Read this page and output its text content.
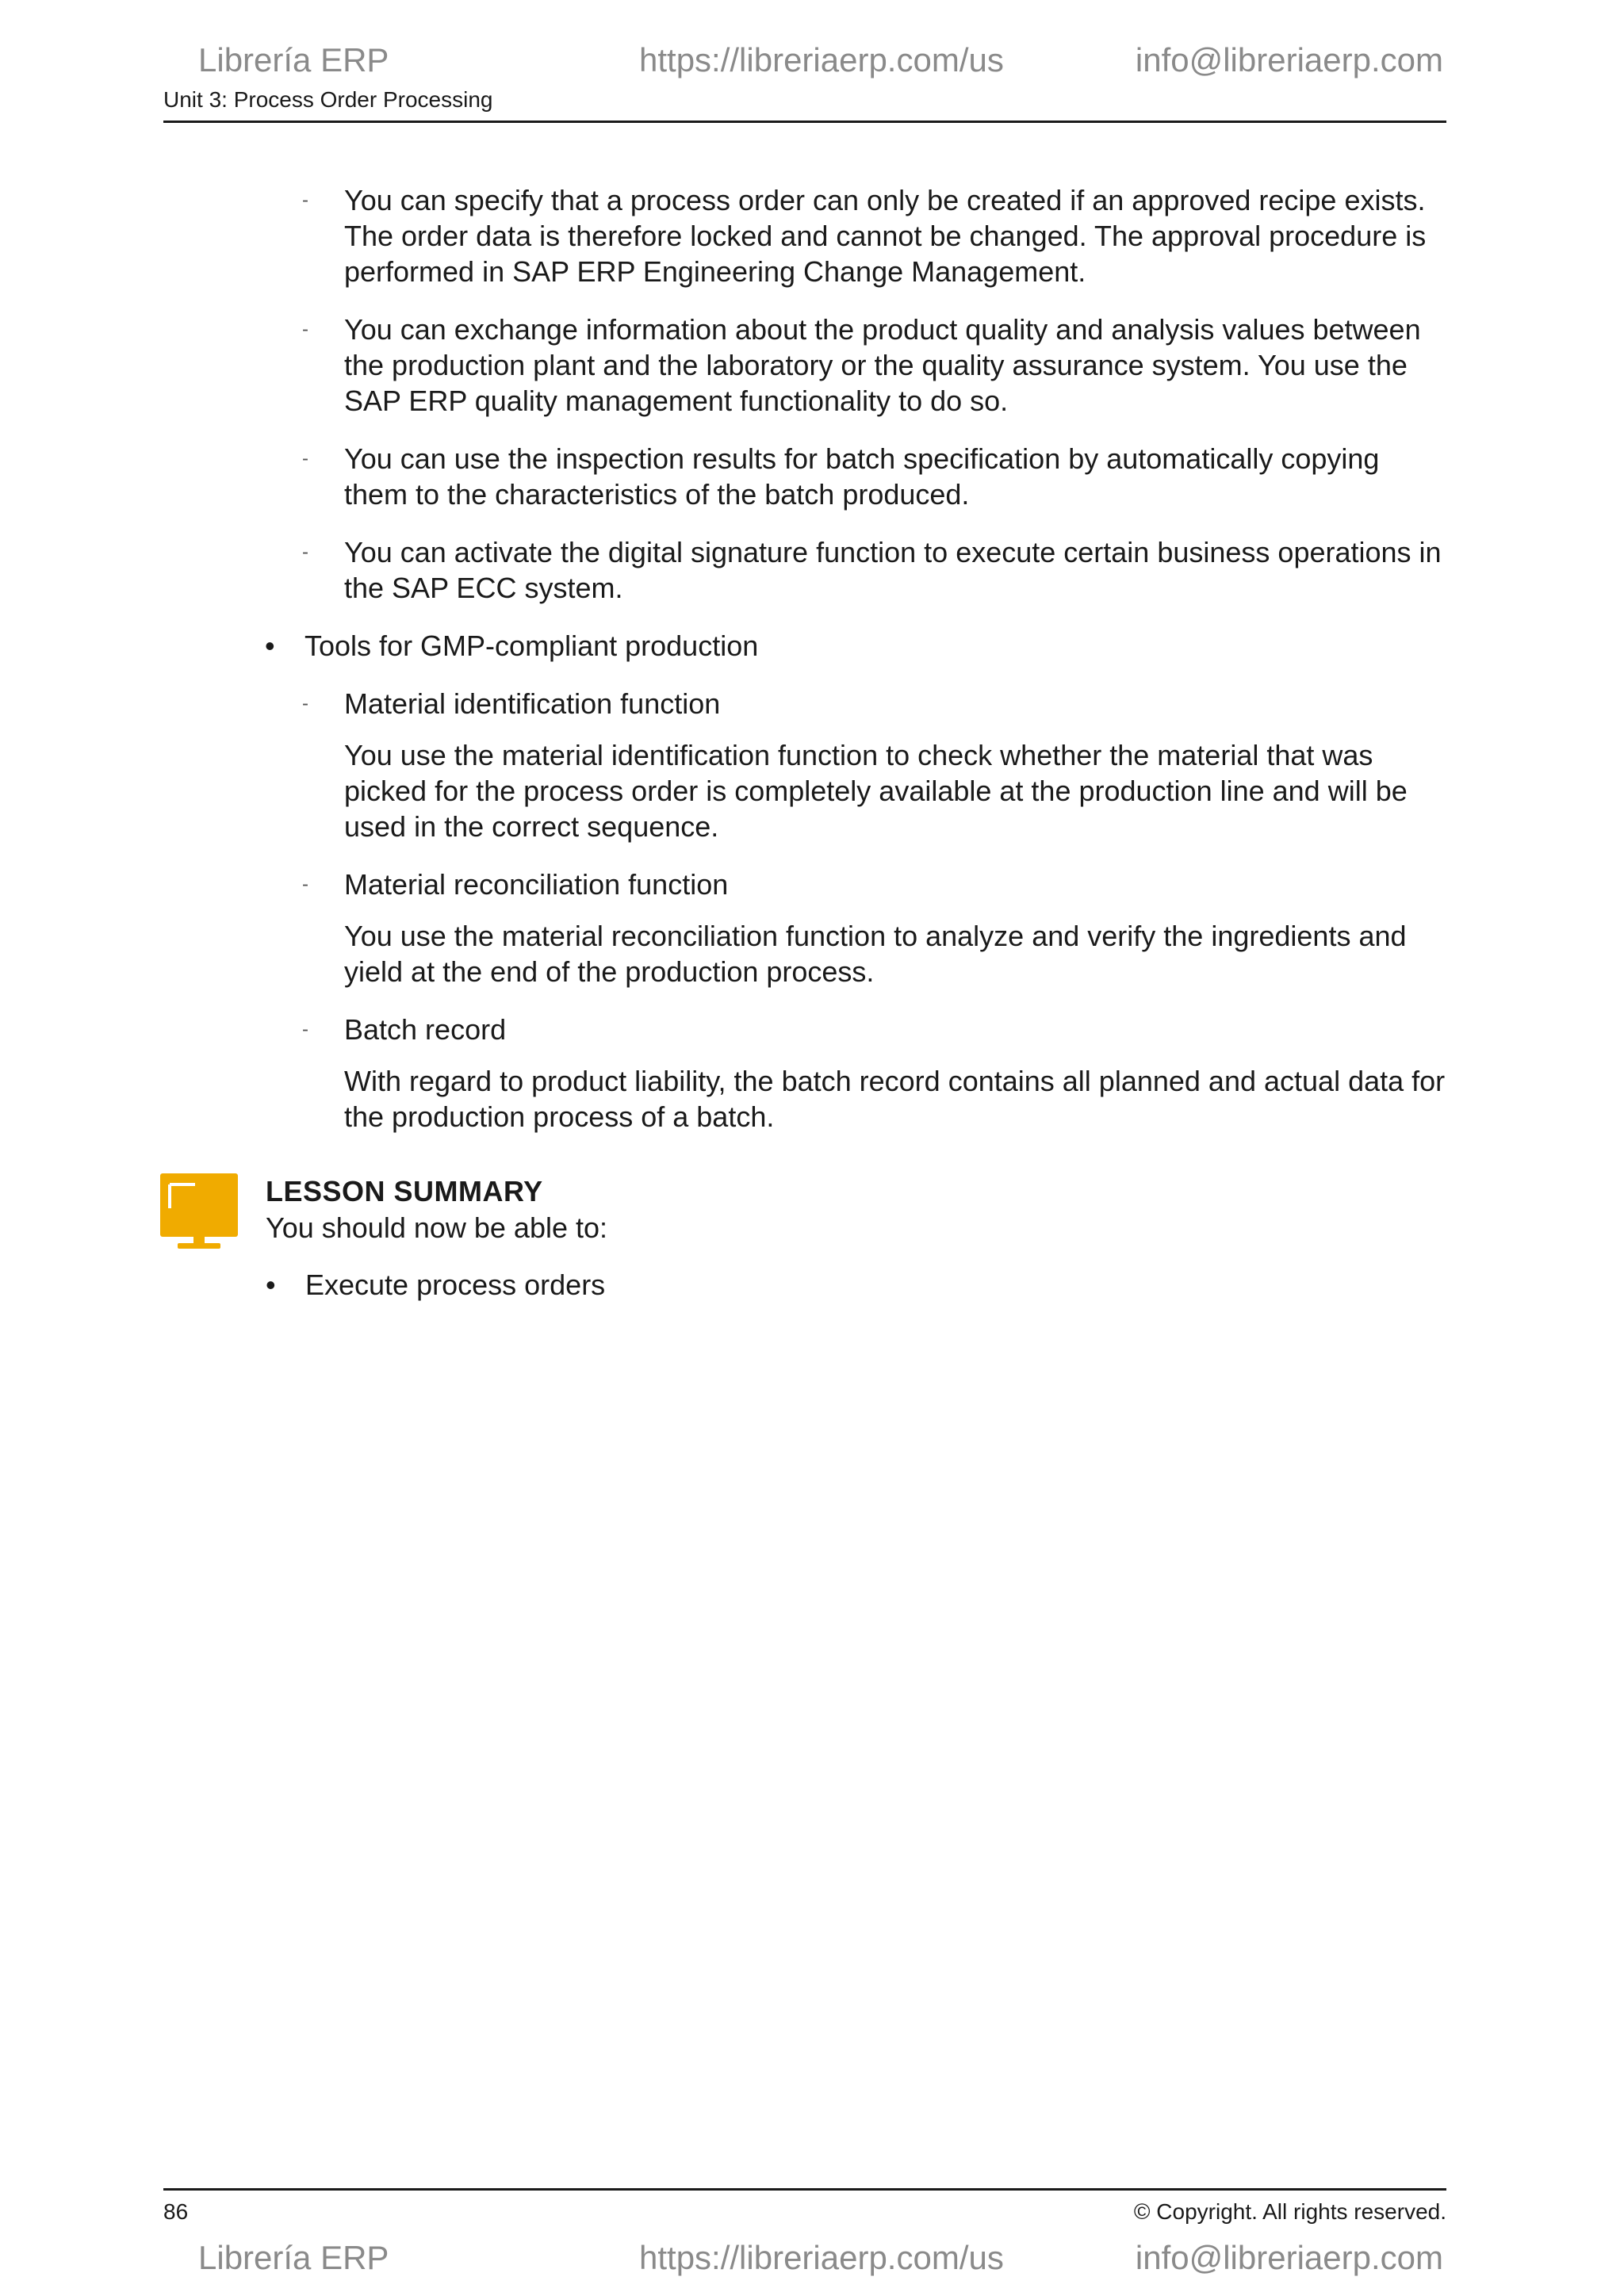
Librería ERP	https://libreriaerp.com/us	info@libreriaerp.com
Unit 3: Process Order Processing
- You can specify that a process order can only be created if an approved recipe exists. The order data is therefore locked and cannot be changed. The approval procedure is performed in SAP ERP Engineering Change Management.

- You can exchange information about the product quality and analysis values between the production plant and the laboratory or the quality assurance system. You use the SAP ERP quality management functionality to do so.

- You can use the inspection results for batch specification by automatically copying them to the characteristics of the batch produced.

- You can activate the digital signature function to execute certain business operations in the SAP ECC system.

• Tools for GMP-compliant production
- Material identification function

You use the material identification function to check whether the material that was picked for the process order is completely available at the production line and will be used in the correct sequence.

- Material reconciliation function

You use the material reconciliation function to analyze and verify the ingredients and yield at the end of the production process.

- Batch record

With regard to product liability, the batch record contains all planned and actual data for the production process of a batch.

LESSON SUMMARY
You should now be able to:
• Execute process orders
86	© Copyright. All rights reserved.
Librería ERP	https://libreriaerp.com/us	info@libreriaerp.com
